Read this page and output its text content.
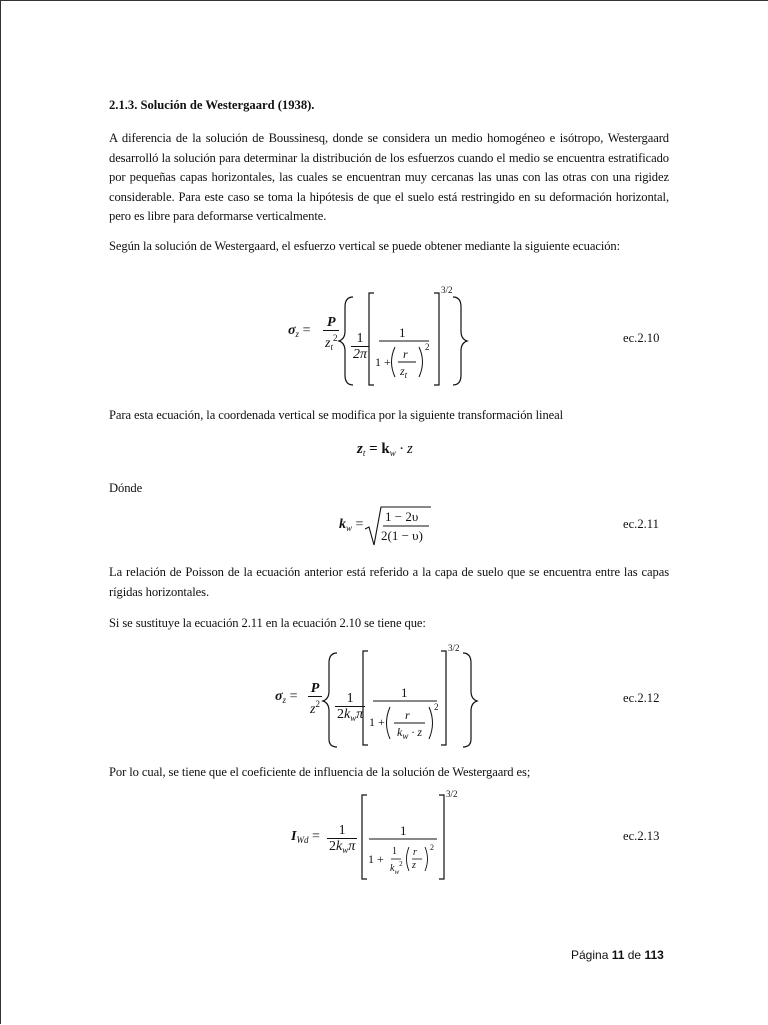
2.1.3. Solución de Westergaard (1938).
A diferencia de la solución de Boussinesq, donde se considera un medio homogéneo e isótropo, Westergaard desarrolló la solución para determinar la distribución de los esfuerzos cuando el medio se encuentra estratificado por pequeñas capas horizontales, las cuales se encuentran muy cercanas las unas con las otras con una rigidez considerable. Para este caso se toma la hipótesis de que el suelo está restringido en su deformación horizontal, pero es libre para deformarse verticalmente.
Según la solución de Westergaard, el esfuerzo vertical se puede obtener mediante la siguiente ecuación:
$\sigma_z = \frac{P}{z_t^2} \frac{1}{2\pi} 1$
1 +
r
$z_t$
2
3/2
ec.2.10
Para esta ecuación, la coordenada vertical se modifica por la siguiente transformación lineal
$z_t = k_w \cdot z$
Dónde
$k_w$ =
1 − 2υ
2(1 − υ)
ec.2.11
La relación de Poisson de la ecuación anterior está referido a la capa de suelo que se encuentra entre las capas rígidas horizontales.
Si se sustituye la ecuación 2.11 en la ecuación 2.10 se tiene que:
$\sigma_z = \frac{P}{z^2} \frac{1}{2k_w\pi}$	1
1 + r
$k_w \cdot z$
2
3/2
ec.2.12
Por lo cual, se tiene que el coeficiente de influencia de la solución de Westergaard es;
$I_{Wd} = \frac{1}{2k_w\pi}$	1
1 +
1
$k_w^2$
r
z
2
3/2
ec.2.13
Página 11 de 113
